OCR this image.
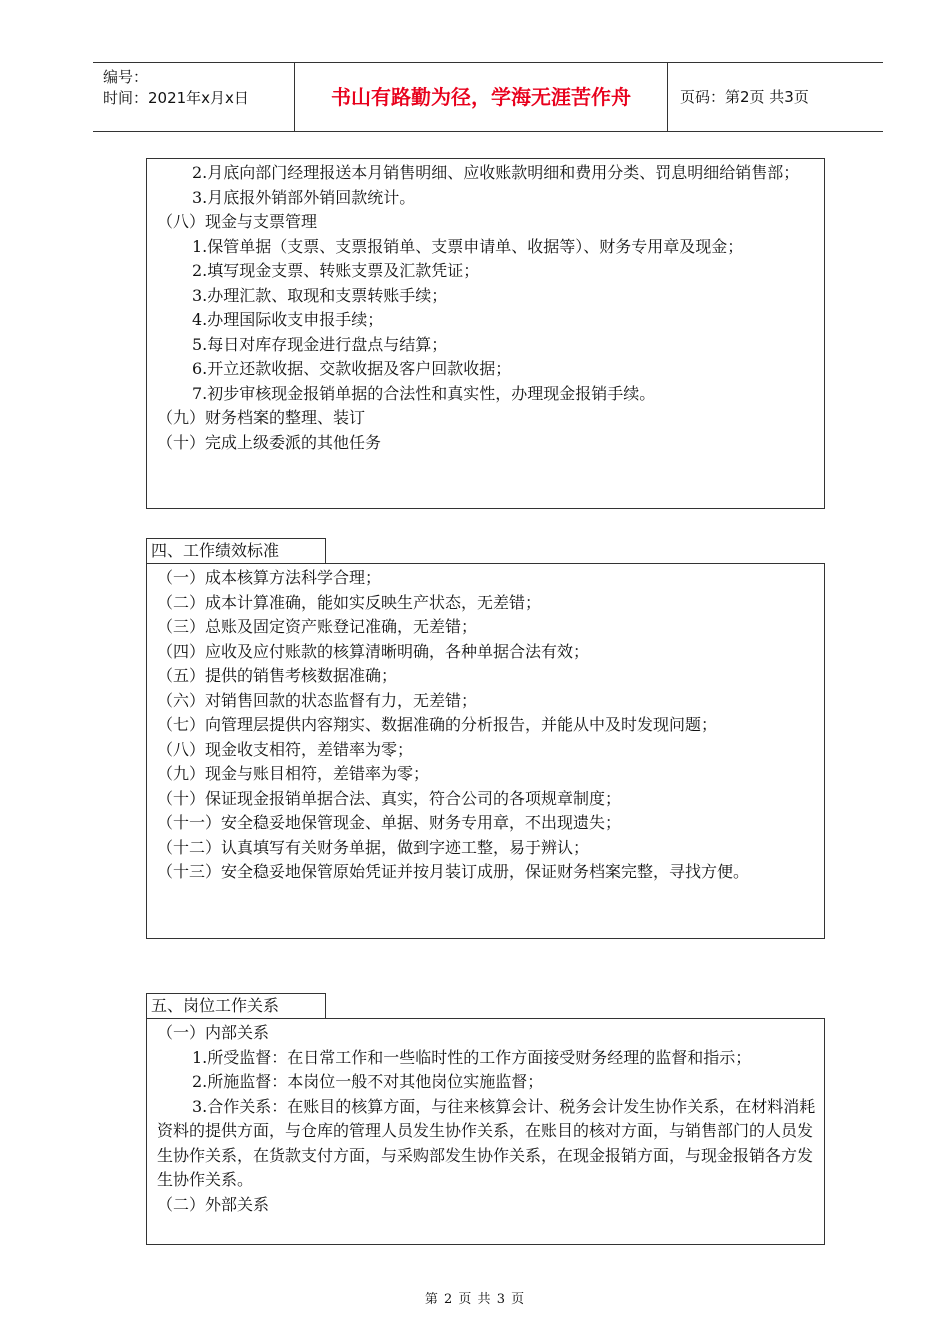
编号：
时间：2021年x月x日	书山有路勤为径，学海无涯苦作舟	页码：第2页 共3页
2.月底向部门经理报送本月销售明细、应收账款明细和费用分类、罚息明细给销售部；
3.月底报外销部外销回款统计。
（八）现金与支票管理
1.保管单据（支票、支票报销单、支票申请单、收据等）、财务专用章及现金；
2.填写现金支票、转账支票及汇款凭证；
3.办理汇款、取现和支票转账手续；
4.办理国际收支申报手续；
5.每日对库存现金进行盘点与结算；
6.开立还款收据、交款收据及客户回款收据；
7.初步审核现金报销单据的合法性和真实性，办理现金报销手续。
（九）财务档案的整理、装订
（十）完成上级委派的其他任务
四、工作绩效标准
（一）成本核算方法科学合理；
（二）成本计算准确，能如实反映生产状态，无差错；
（三）总账及固定资产账登记准确，无差错；
（四）应收及应付账款的核算清晰明确，各种单据合法有效；
（五）提供的销售考核数据准确；
（六）对销售回款的状态监督有力，无差错；
（七）向管理层提供内容翔实、数据准确的分析报告，并能从中及时发现问题；
（八）现金收支相符，差错率为零；
（九）现金与账目相符，差错率为零；
（十）保证现金报销单据合法、真实，符合公司的各项规章制度；
（十一）安全稳妥地保管现金、单据、财务专用章，不出现遗失；
（十二）认真填写有关财务单据，做到字迹工整，易于辨认；
（十三）安全稳妥地保管原始凭证并按月装订成册，保证财务档案完整，寻找方便。
五、岗位工作关系
（一）内部关系
1.所受监督：在日常工作和一些临时性的工作方面接受财务经理的监督和指示；
2.所施监督：本岗位一般不对其他岗位实施监督；
3.合作关系：在账目的核算方面，与往来核算会计、税务会计发生协作关系，在材料消耗资料的提供方面，与仓库的管理人员发生协作关系，在账目的核对方面，与销售部门的人员发生协作关系，在货款支付方面，与采购部发生协作关系，在现金报销方面，与现金报销各方发生协作关系。
（二）外部关系
第 2 页 共 3 页
